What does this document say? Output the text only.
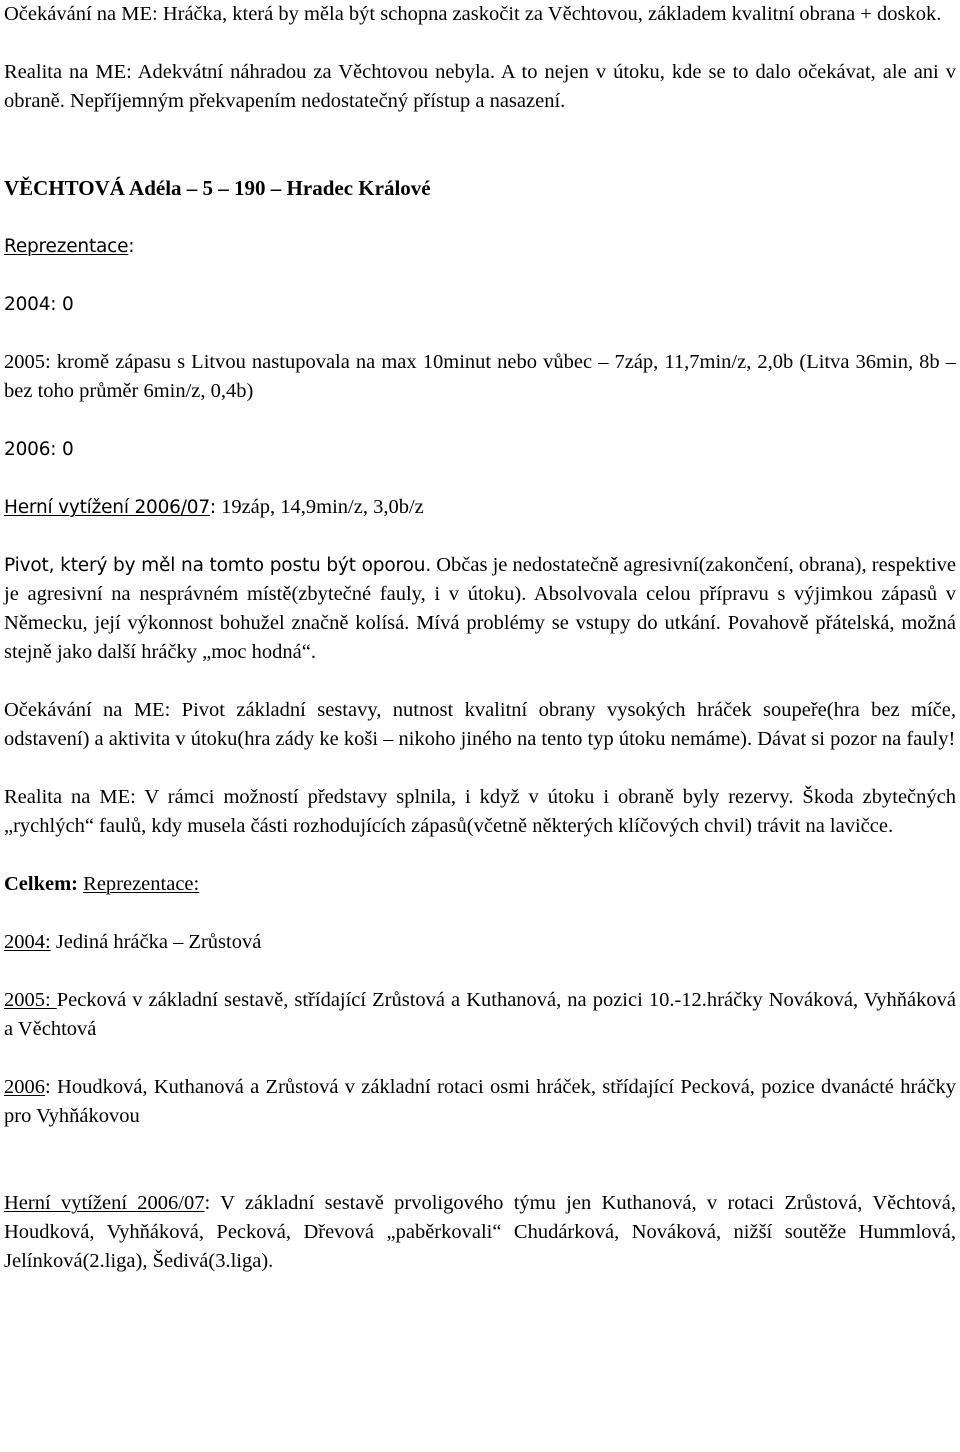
Očekávání na ME: Hráčka, která by měla být schopna zaskočit za Věchtovou, základem kvalitní obrana + doskok.

Realita na ME: Adekvátní náhradou za Věchtovou nebyla. A to nejen v útoku, kde se to dalo očekávat, ale ani v obraně. Nepříjemným překvapením nedostatečný přístup a nasazení.

VĚCHTOVÁ Adéla – 5 – 190 – Hradec Králové

Reprezentace:

2004: 0

2005: kromě zápasu s Litvou nastupovala na max 10minut nebo vůbec – 7záp, 11,7min/z, 2,0b (Litva 36min, 8b – bez toho průměr 6min/z, 0,4b)

2006: 0

Herní vytížení 2006/07: 19záp, 14,9min/z, 3,0b/z

Pivot, který by měl na tomto postu být oporou. Občas je nedostatečně agresivní(zakončení, obrana), respektive je agresivní na nesprávném místě(zbytečné fauly, i v útoku). Absolvovala celou přípravu s výjimkou zápasů v Německu, její výkonnost bohužel značně kolísá. Mívá problémy se vstupy do utkání. Povahově přátelská, možná stejně jako další hráčky „moc hodná“.

Očekávání na ME: Pivot základní sestavy, nutnost kvalitní obrany vysokých hráček soupeře(hra bez míče, odstavení) a aktivita v útoku(hra zády ke koši – nikoho jiného na tento typ útoku nemáme). Dávat si pozor na fauly!

Realita na ME: V rámci možností představy splnila, i když v útoku i obraně byly rezervy. Škoda zbytečných „rychlých“ faulů, kdy musela části rozhodujících zápasů(včetně některých klíčových chvil) trávit na lavičce.

Celkem: Reprezentace:

2004: Jediná hráčka – Zrůstová

2005: Pecková v základní sestavě, střídající Zrůstová a Kuthanová, na pozici 10.-12.hráčky Nováková, Vyhňáková a Věchtová

2006: Houdková, Kuthanová a Zrůstová v základní rotaci osmi hráček, střídající Pecková, pozice dvanácté hráčky pro Vyhňákovou

Herní vytížení 2006/07: V základní sestavě prvoligového týmu jen Kuthanová, v rotaci Zrůstová, Věchtová, Houdková, Vyhňáková, Pecková, Dřevová „paběrkovali“ Chudárková, Nováková, nižší soutěže Hummlová, Jelínková(2.liga), Šedivá(3.liga).
